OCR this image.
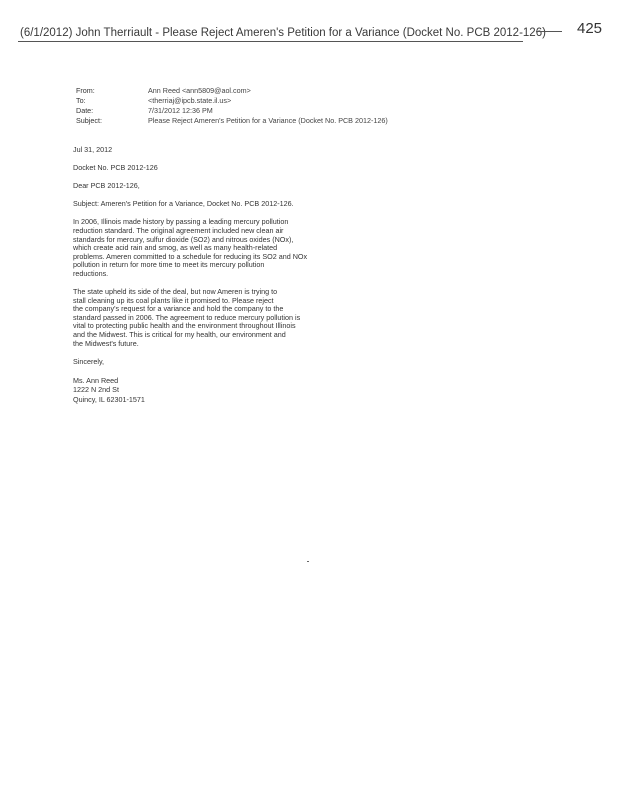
(6/1/2012) John Therriault - Please Reject Ameren's Petition for a Variance (Docket No. PCB 2012-126) 425
From:	Ann Reed <ann5809@aol.com>
To:	<therriaj@ipcb.state.il.us>
Date:	7/31/2012 12:36 PM
Subject:	Please Reject Ameren's Petition for a Variance (Docket No. PCB 2012-126)

Jul 31, 2012

Docket No. PCB 2012-126

Dear PCB 2012-126,

Subject: Ameren's Petition for a Variance, Docket No. PCB 2012-126.

In 2006, Illinois made history by passing a leading mercury pollution
reduction standard. The original agreement included new clean air
standards for mercury, sulfur dioxide (SO2) and nitrous oxides (NOx),
which create acid rain and smog, as well as many health-related
problems. Ameren committed to a schedule for reducing its SO2 and NOx
pollution in return for more time to meet its mercury pollution
reductions.

The state upheld its side of the deal, but now Ameren is trying to
stall cleaning up its coal plants like it promised to. Please reject
the company's request for a variance and hold the company to the
standard passed in 2006. The agreement to reduce mercury pollution is
vital to protecting public health and the environment throughout Illinois
and the Midwest. This is critical for my health, our environment and
the Midwest's future.

Sincerely,

Ms. Ann Reed
1222 N 2nd St
Quincy, IL 62301-1571
